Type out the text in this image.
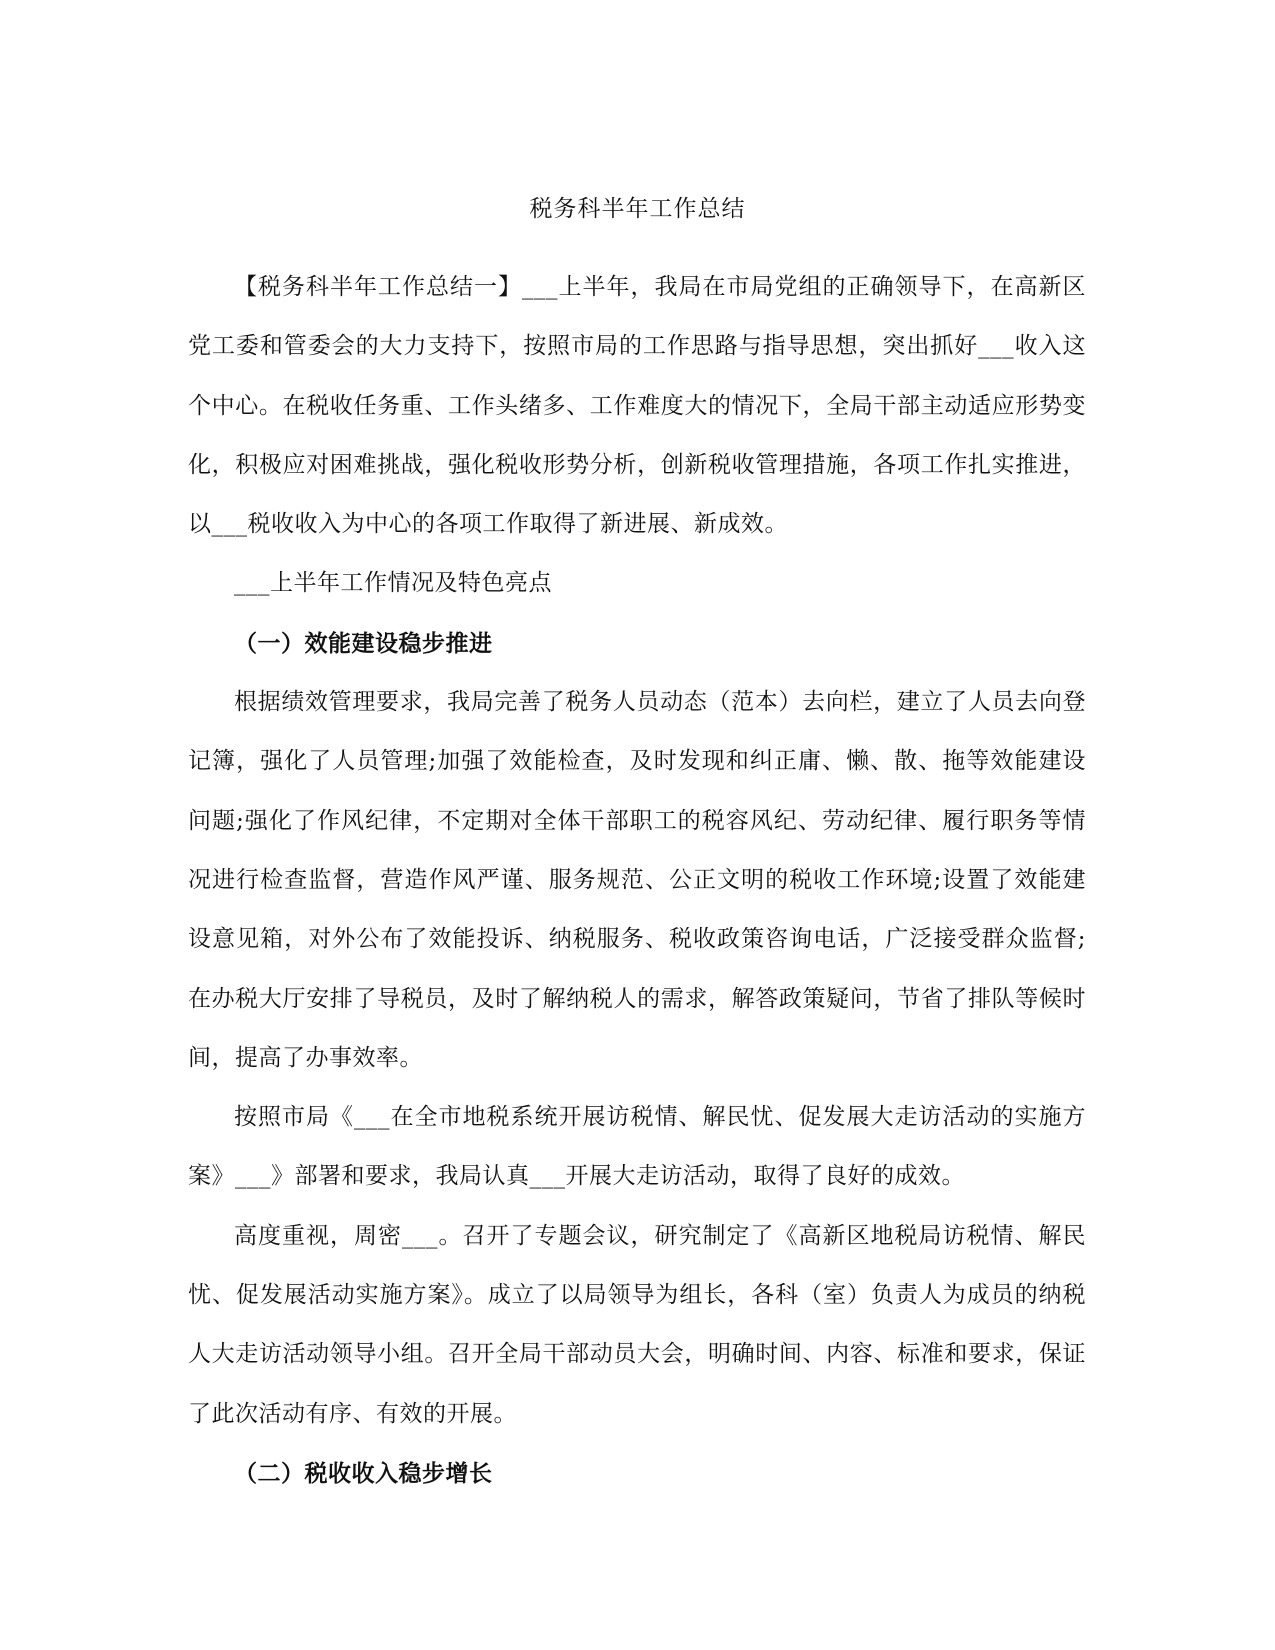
税务科半年工作总结

【税务科半年工作总结一】___上半年，我局在市局党组的正确领导下，在高新区党工委和管委会的大力支持下，按照市局的工作思路与指导思想，突出抓好___收入这个中心。在税收任务重、工作头绪多、工作难度大的情况下，全局干部主动适应形势变化，积极应对困难挑战，强化税收形势分析，创新税收管理措施，各项工作扎实推进，以___税收收入为中心的各项工作取得了新进展、新成效。

___上半年工作情况及特色亮点

（一）效能建设稳步推进

根据绩效管理要求，我局完善了税务人员动态（范本）去向栏，建立了人员去向登记簿，强化了人员管理;加强了效能检查，及时发现和纠正庸、懒、散、拖等效能建设问题;强化了作风纪律，不定期对全体干部职工的税容风纪、劳动纪律、履行职务等情况进行检查监督，营造作风严谨、服务规范、公正文明的税收工作环境;设置了效能建设意见箱，对外公布了效能投诉、纳税服务、税收政策咨询电话，广泛接受群众监督;在办税大厅安排了导税员，及时了解纳税人的需求，解答政策疑问，节省了排队等候时间，提高了办事效率。

按照市局《___在全市地税系统开展访税情、解民忧、促发展大走访活动的实施方案》___》部署和要求，我局认真___开展大走访活动，取得了良好的成效。

高度重视，周密___。召开了专题会议，研究制定了《高新区地税局访税情、解民忧、促发展活动实施方案》。成立了以局领导为组长，各科（室）负责人为成员的纳税人大走访活动领导小组。召开全局干部动员大会，明确时间、内容、标准和要求，保证了此次活动有序、有效的开展。

（二）税收收入稳步增长
